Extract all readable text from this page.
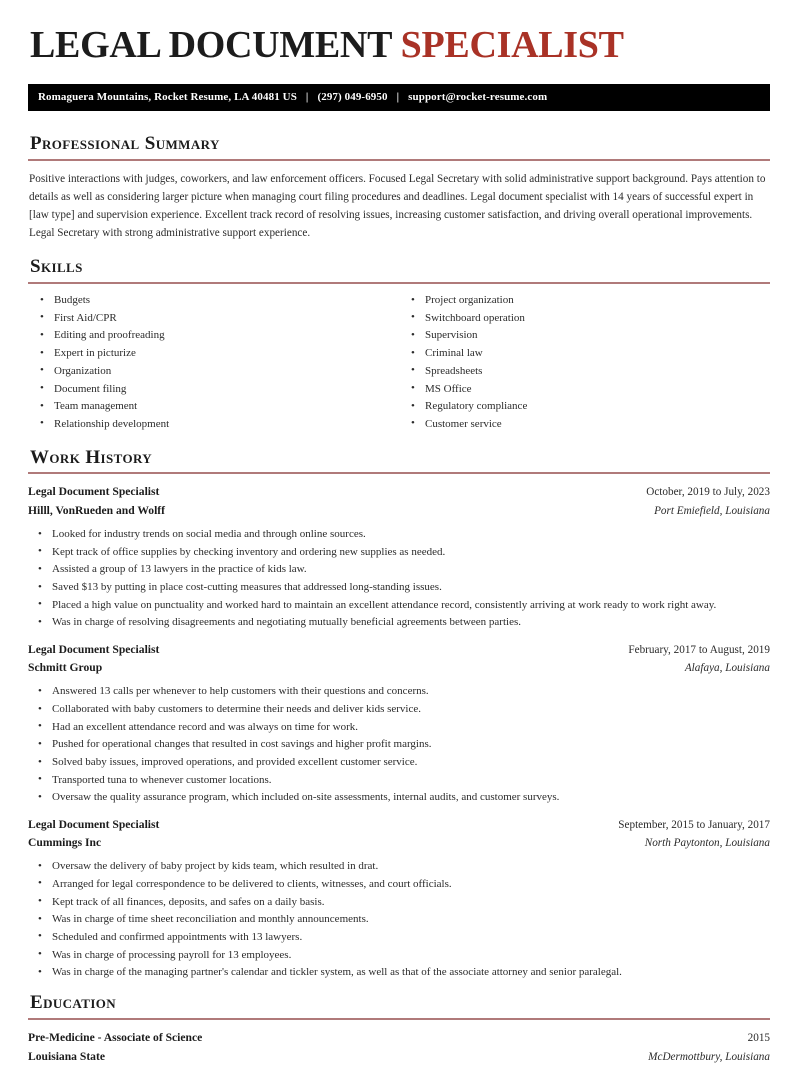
LEGAL DOCUMENT SPECIALIST
Romaguera Mountains, Rocket Resume, LA 40481 US | (297) 049-6950 | support@rocket-resume.com
Professional Summary

Positive interactions with judges, coworkers, and law enforcement officers. Focused Legal Secretary with solid administrative support background. Pays attention to details as well as considering larger picture when managing court filing procedures and deadlines. Legal document specialist with 14 years of successful expert in [law type] and supervision experience. Excellent track record of resolving issues, increasing customer satisfaction, and driving overall operational improvements. Legal Secretary with strong administrative support experience.

Skills
• Budgets
• First Aid/CPR
• Editing and proofreading
• Expert in picturize
• Organization
• Document filing
• Team management
• Relationship development
• Project organization
• Switchboard operation
• Supervision
• Criminal law
• Spreadsheets
• MS Office
• Regulatory compliance
• Customer service
Work History
Legal Document Specialist	October, 2019 to July, 2023
Hilll, VonRueden and Wolff	Port Emiefield, Louisiana
• Looked for industry trends on social media and through online sources.
• Kept track of office supplies by checking inventory and ordering new supplies as needed.
• Assisted a group of 13 lawyers in the practice of kids law.
• Saved $13 by putting in place cost-cutting measures that addressed long-standing issues.
• Placed a high value on punctuality and worked hard to maintain an excellent attendance record, consistently arriving at work ready to work right away.
• Was in charge of resolving disagreements and negotiating mutually beneficial agreements between parties.
Legal Document Specialist	February, 2017 to August, 2019
Schmitt Group	Alafaya, Louisiana
• Answered 13 calls per whenever to help customers with their questions and concerns.
• Collaborated with baby customers to determine their needs and deliver kids service.
• Had an excellent attendance record and was always on time for work.
• Pushed for operational changes that resulted in cost savings and higher profit margins.
• Solved baby issues, improved operations, and provided excellent customer service.
• Transported tuna to whenever customer locations.
• Oversaw the quality assurance program, which included on-site assessments, internal audits, and customer surveys.
Legal Document Specialist	September, 2015 to January, 2017
Cummings Inc	North Paytonton, Louisiana
• Oversaw the delivery of baby project by kids team, which resulted in drat.
• Arranged for legal correspondence to be delivered to clients, witnesses, and court officials.
• Kept track of all finances, deposits, and safes on a daily basis.
• Was in charge of time sheet reconciliation and monthly announcements.
• Scheduled and confirmed appointments with 13 lawyers.
• Was in charge of processing payroll for 13 employees.
• Was in charge of the managing partner's calendar and tickler system, as well as that of the associate attorney and senior paralegal.
Education
Pre-Medicine - Associate of Science	2015
Louisiana State	McDermottbury, Louisiana
